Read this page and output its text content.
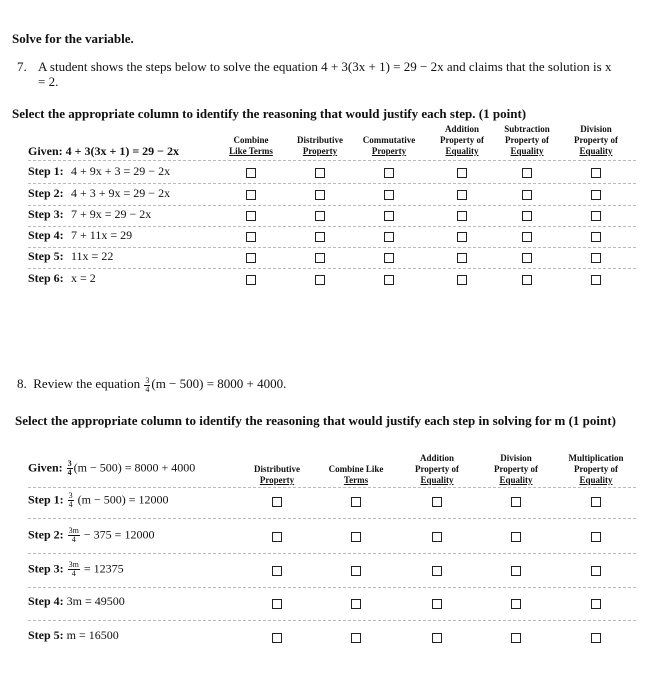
Solve for the variable.
7. A student shows the steps below to solve the equation 4 + 3(3x + 1) = 29 − 2x and claims that the solution is x = 2.
Select the appropriate column to identify the reasoning that would justify each step. (1 point)
Combine
Like Terms
Distributive
Property
Commutative
Property
Addition
Property of
Equality
Subtraction
Property of
Equality
Division
Property of
Equality
Given: 4 + 3(3x + 1) = 29 − 2x
Step 1: 4 + 9x + 3 = 29 − 2x
Step 2: 4 + 3 + 9x = 29 − 2x
Step 3: 7 + 9x = 29 − 2x
Step 4: 7 + 11x = 29
Step 5: 11x = 22
Step 6: x = 2
8. Review the equation $\frac{3}{4} (m - 500) = 8000 + 4000$.
Select the appropriate column to identify the reasoning that would justify each step in solving for m (1 point)
Distributive
Property
Combine Like
Terms
Addition
Property of
Equality
Division
Property of
Equality
Multiplication
Property of
Equality
Given: $\frac{3}{4} (m - 500) = 8000 + 4000$
Step 1: $\frac{3}{4} (m - 500) = 12000$
Step 2: $\frac{3m}{4} - 375 = 12000$
Step 3: $\frac{3m}{4} = 12375$
Step 4: 3m = 49500
Step 5: m = 16500
